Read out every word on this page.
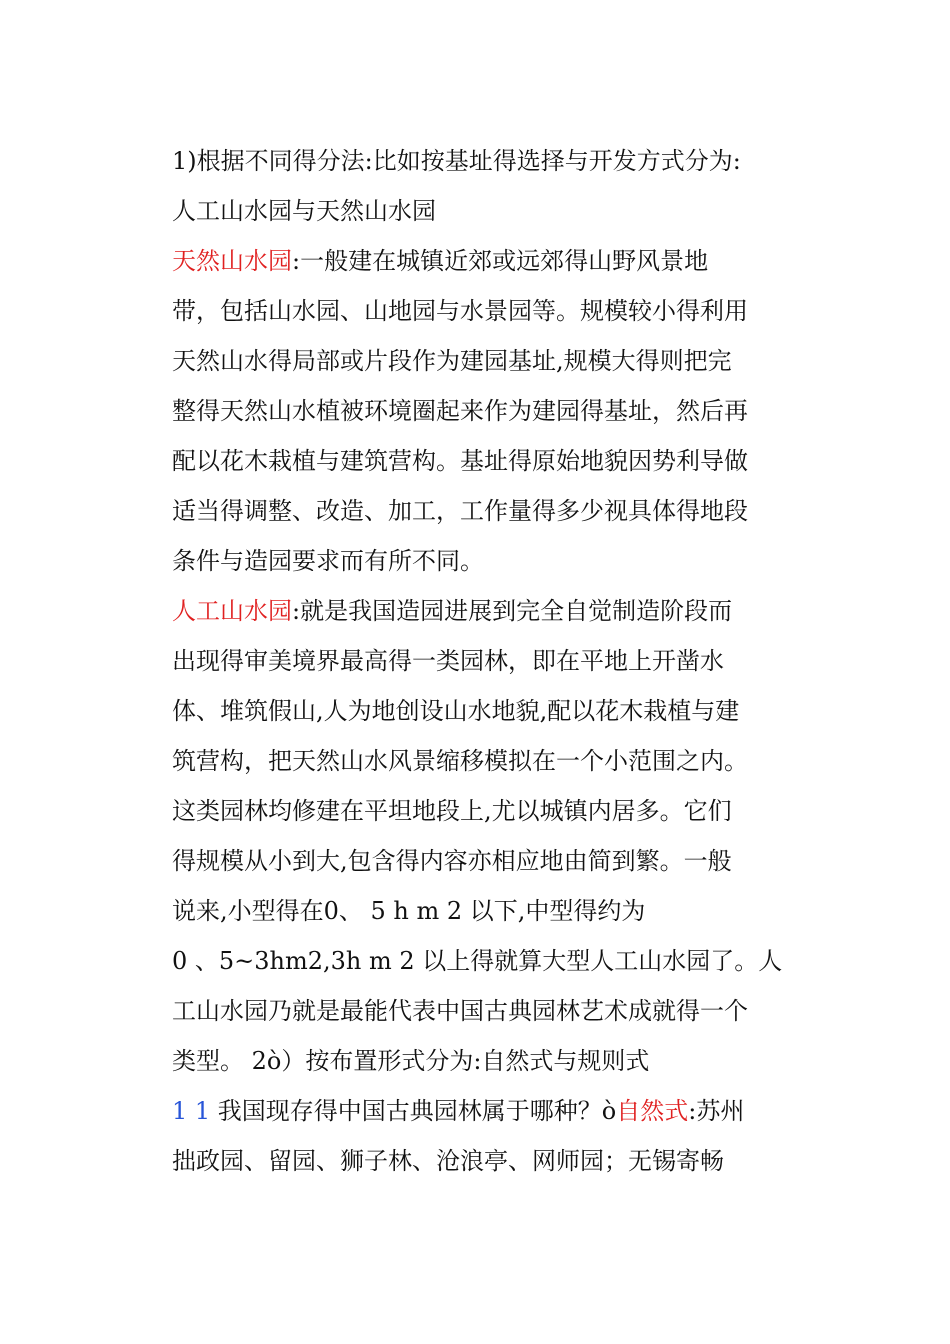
1)根据不同得分法:比如按基址得选择与开发方式分为:
人工山水园与天然山水园
天然山水园:一般建在城镇近郊或远郊得山野风景地
带，包括山水园、山地园与水景园等。规模较小得利用
天然山水得局部或片段作为建园基址,规模大得则把完
整得天然山水植被环境圈起来作为建园得基址，然后再
配以花木栽植与建筑营构。基址得原始地貌因势利导做
适当得调整、改造、加工，工作量得多少视具体得地段
条件与造园要求而有所不同。
人工山水园:就是我国造园进展到完全自觉制造阶段而
出现得审美境界最高得一类园林，即在平地上开凿水
体、堆筑假山,人为地创设山水地貌,配以花木栽植与建
筑营构，把天然山水风景缩移模拟在一个小范围之内。
这类园林均修建在平坦地段上,尤以城镇内居多。它们
得规模从小到大,包含得内容亦相应地由简到繁。一般
说来,小型得在0、 5 h m 2 以下,中型得约为
0 、5~3hm2,3h m 2 以上得就算大型人工山水园了。人
工山水园乃就是最能代表中国古典园林艺术成就得一个
类型。 2ὸ）按布置形式分为:自然式与规则式
1 1 我国现存得中国古典园林属于哪种？ὸ自然式:苏州
拙政园、留园、狮子林、沧浪亭、网师园；无锡寄畅
